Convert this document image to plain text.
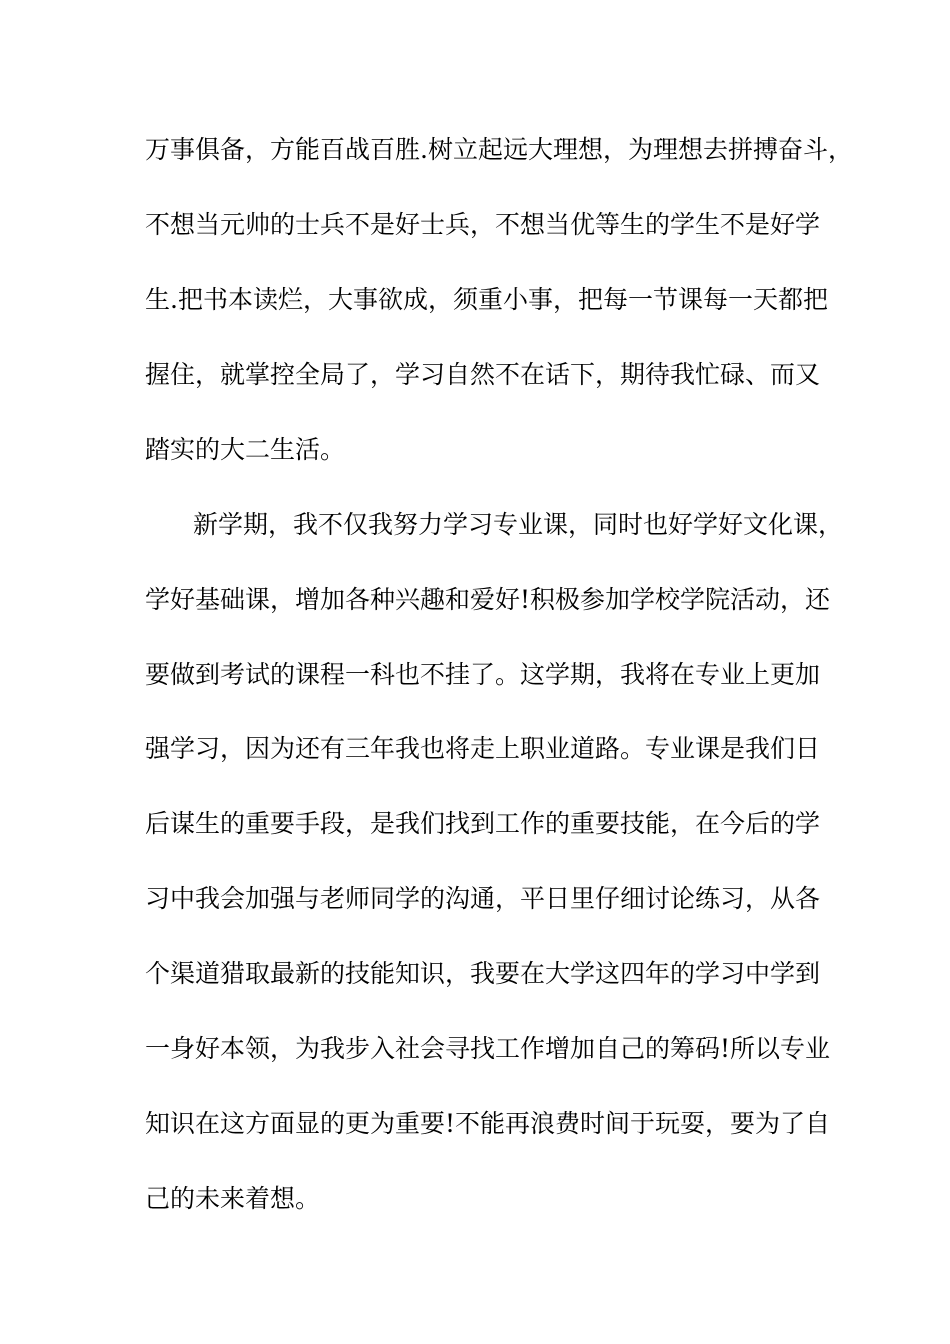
万事俱备，方能百战百胜.树立起远大理想，为理想去拼搏奋斗，
不想当元帅的士兵不是好士兵，不想当优等生的学生不是好学
生.把书本读烂，大事欲成，须重小事，把每一节课每一天都把
握住，就掌控全局了，学习自然不在话下，期待我忙碌、而又
踏实的大二生活。
新学期，我不仅我努力学习专业课，同时也好学好文化课，
学好基础课，增加各种兴趣和爱好!积极参加学校学院活动，还
要做到考试的课程一科也不挂了。这学期，我将在专业上更加
强学习，因为还有三年我也将走上职业道路。专业课是我们日
后谋生的重要手段，是我们找到工作的重要技能，在今后的学
习中我会加强与老师同学的沟通，平日里仔细讨论练习，从各
个渠道猎取最新的技能知识，我要在大学这四年的学习中学到
一身好本领，为我步入社会寻找工作增加自己的筹码!所以专业
知识在这方面显的更为重要!不能再浪费时间于玩耍，要为了自
己的未来着想。
